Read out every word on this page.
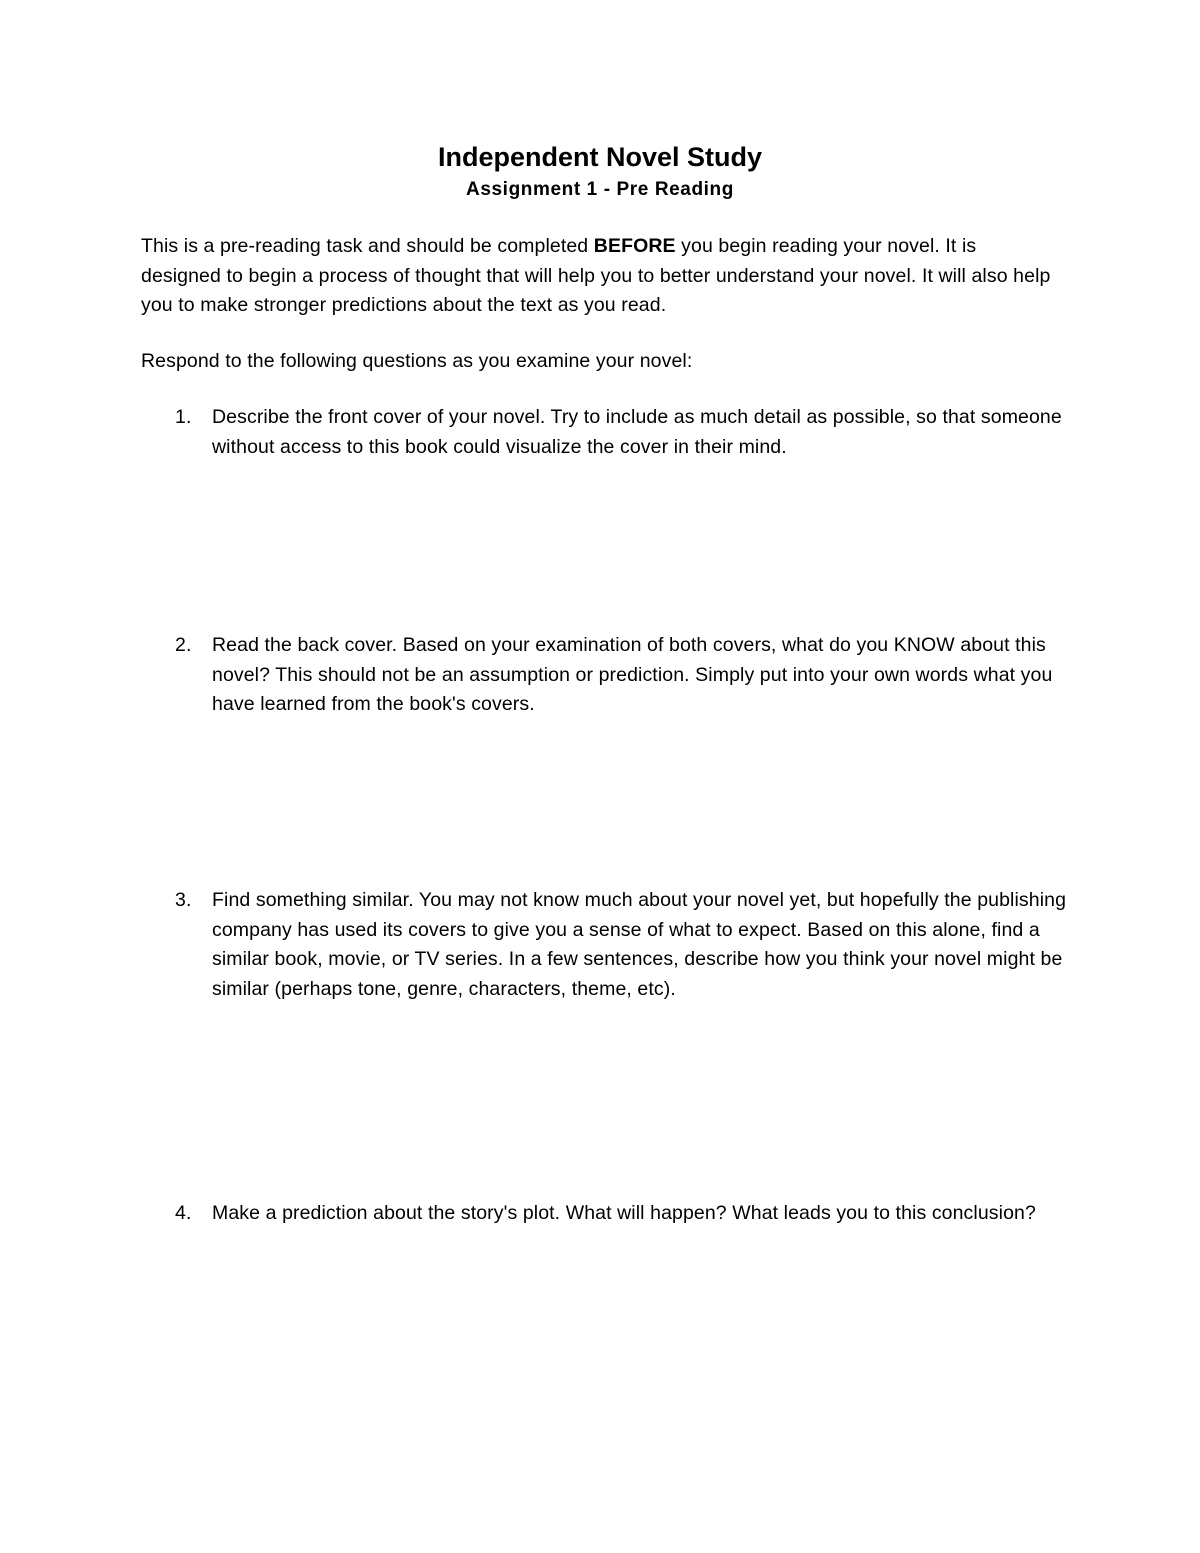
Independent Novel Study
Assignment 1 - Pre Reading

This is a pre-reading task and should be completed BEFORE you begin reading your novel. It is designed to begin a process of thought that will help you to better understand your novel. It will also help you to make stronger predictions about the text as you read.

Respond to the following questions as you examine your novel:

1. Describe the front cover of your novel. Try to include as much detail as possible, so that someone without access to this book could visualize the cover in their mind.
2. Read the back cover. Based on your examination of both covers, what do you KNOW about this novel? This should not be an assumption or prediction. Simply put into your own words what you have learned from the book's covers.
3. Find something similar. You may not know much about your novel yet, but hopefully the publishing company has used its covers to give you a sense of what to expect. Based on this alone, find a similar book, movie, or TV series. In a few sentences, describe how you think your novel might be similar (perhaps tone, genre, characters, theme, etc).
4. Make a prediction about the story's plot. What will happen? What leads you to this conclusion?
